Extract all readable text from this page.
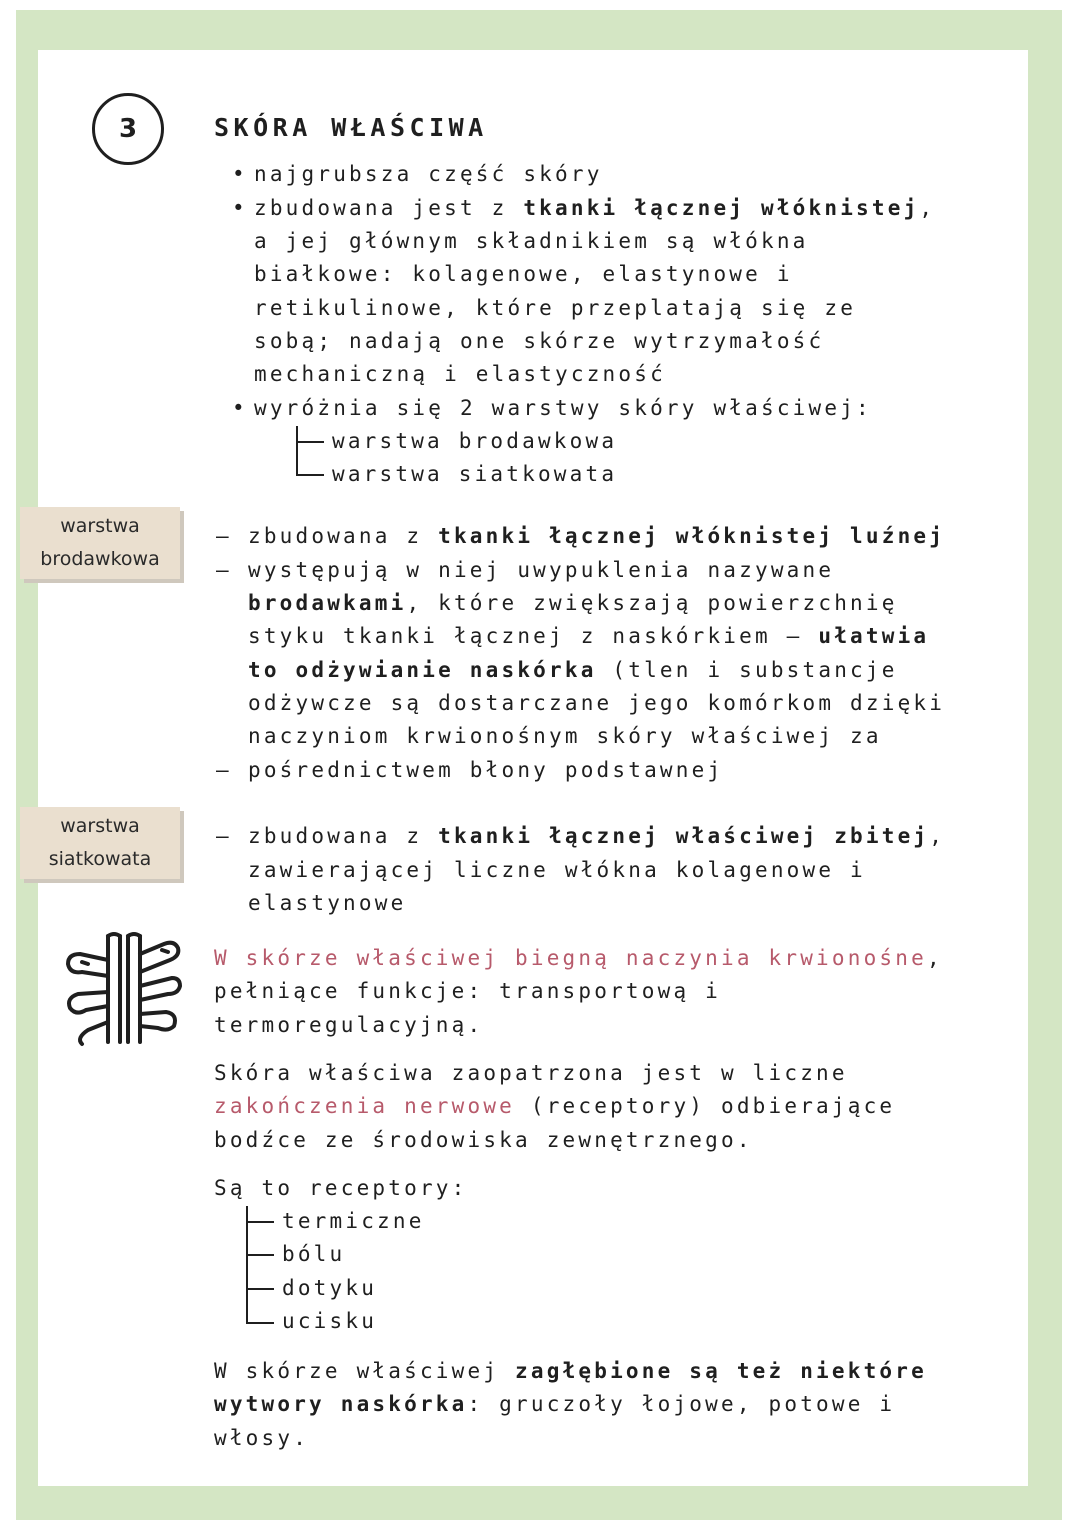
3	SKÓRA WŁAŚCIWA
• najgrubsza część skóry
• zbudowana jest z tkanki łącznej włóknistej,
a jej głównym składnikiem są włókna
białkowe: kolagenowe, elastynowe i
retikulinowe, które przeplatają się ze
sobą; nadają one skórze wytrzymałość
mechaniczną i elastyczność
• wyróżnia się 2 warstwy skóry właściwej:
warstwa brodawkowa
warstwa siatkowata
warstwa
brodawkowa
– zbudowana z tkanki łącznej włóknistej luźnej
– występują w niej uwypuklenia nazywane
brodawkami, które zwiększają powierzchnię
styku tkanki łącznej z naskórkiem – ułatwia
to odżywianie naskórka (tlen i substancje
odżywcze są dostarczane jego komórkom dzięki
naczyniom krwionośnym skóry właściwej za
– pośrednictwem błony podstawnej
warstwa
siatkowata
– zbudowana z tkanki łącznej właściwej zbitej,
zawierającej liczne włókna kolagenowe i
elastynowe
W skórze właściwej biegną naczynia krwionośne,
pełniące funkcje: transportową i
termoregulacyjną.
Skóra właściwa zaopatrzona jest w liczne
zakończenia nerwowe (receptory) odbierające
bodźce ze środowiska zewnętrznego.
Są to receptory:
termiczne
bólu
dotyku
ucisku
W skórze właściwej zagłębione są też niektóre
wytwory naskórka: gruczoły łojowe, potowe i
włosy.
